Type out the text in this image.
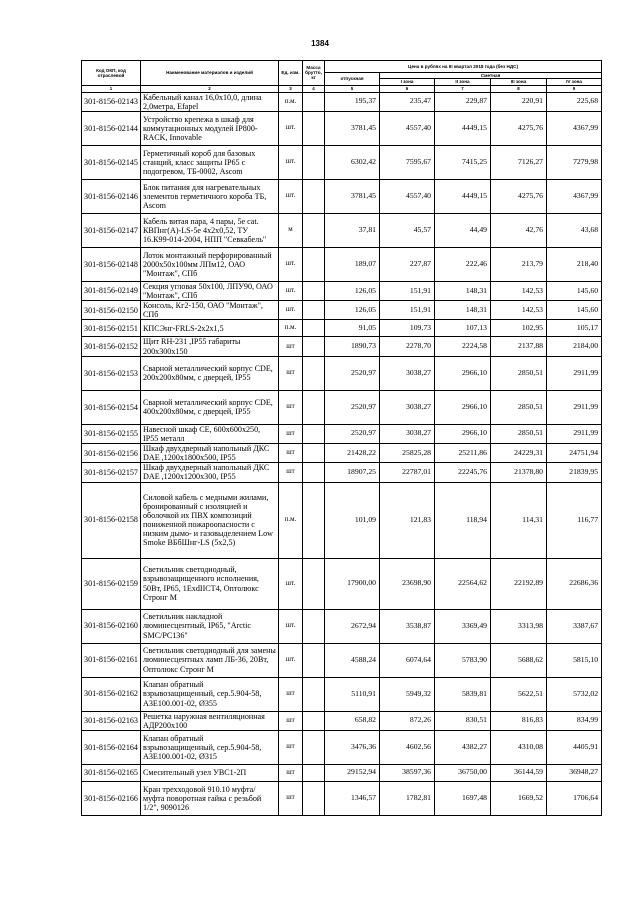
1384
Код ОКП, код отраслевой	Наименование материалов и изделий	Ед. изм.	Масса брутто, кг	Цена в рублях на III квартал 2018 года (без НДС)				
				отпускная	Сметная			
					I зона	II зона	III зона	IV зона
1	2	3	4	5	6	7	8	9
301-8156-02143	Кабельный канал 16,0х10,0, длина 2,0метра, Efapel	п.м.		195,37	235,47	229,87	220,91	225,68
301-8156-02144	Устройство крепежа в шкаф для коммутационных модулей IP800-RACK, Innovable	шт.		3781,45	4557,40	4449,15	4275,76	4367,99
301-8156-02145	Герметичный короб для базовых станций, класс защиты IP65 с подогревом, ТБ-0002, Ascom	шт.		6302,42	7595,67	7415,25	7126,27	7279,98
301-8156-02146	Блок питания для нагревательных элементов герметичного короба ТБ, Ascom	шт.		3781,45	4557,40	4449,15	4275,76	4367,99
301-8156-02147	Кабель витая пара, 4 пары, 5е cat. КВПнг(А)-LS-5е 4х2х0,52, ТУ 16.К99-014-2004, НПП "Севкабель"	м		37,81	45,57	44,49	42,76	43,68
301-8156-02148	Лоток монтажный перфорированный 2000х50х100мм ЛПм12, ОАО "Монтаж", СПб	шт.		189,07	227,87	222,46	213,79	218,40
301-8156-02149	Секция угловая 50х100, ЛПУ90, ОАО "Монтаж", СПб	шт.		126,05	151,91	148,31	142,53	145,60
301-8156-02150	Консоль, Кг2-150, ОАО "Монтаж", СПб	шт.		126,05	151,91	148,31	142,53	145,60
301-8156-02151	КПСЭнг-FRLS-2х2х1,5	п.м.		91,05	109,73	107,13	102,95	105,17
301-8156-02152	Щит RH-231 ,IP55 габариты 200х300х150	шт		1890,73	2278,70	2224,58	2137,88	2184,00
301-8156-02153	Сварной металлический корпус CDE, 200х200х80мм, с дверцей, IP55	шт		2520,97	3038,27	2966,10	2850,51	2911,99
301-8156-02154	Сварной металлический корпус CDE, 400х200х80мм, с дверцей, IP55	шт		2520,97	3038,27	2966,10	2850,51	2911,99
301-8156-02155	Навесной шкаф CE, 600х600х250, IP55 металл	шт		2520,97	3038,27	2966,10	2850,51	2911,99
301-8156-02156	Шкаф двухдверный напольный ДКС DAE ,1200х1800х500, IP55	шт		21428,22	25825,28	25211,86	24229,31	24751,94
301-8156-02157	Шкаф двухдверный напольный ДКС DAE ,1200х1200х300, IP55	шт		18907,25	22787,01	22245,76	21378,80	21839,95
301-8156-02158	Силовой кабель с медными жилами, бронированный с изоляцией и оболочкой их ПВХ композиций пониженной пожароопасности с низким дымо- и газовыделением Low Smoke ВБбШнг-LS (5х2,5)	п.м.		101,09	121,83	118,94	114,31	116,77
301-8156-02159	Светильник светодиодный, взрывозащищенного исполнения, 50Вт, IP65, 1ExdIICT4, Оптолюкс Стронг М	шт.		17900,00	23698,90	22564,62	22192,89	22686,36
301-8156-02160	Светильник накладной люминесцентный, IP65, "Arctic SMC/PC136"	шт.		2672,94	3538,87	3369,49	3313,98	3387,67
301-8156-02161	Светильник светодиодный для замены люминесцентных ламп ЛБ-36, 20Вт, Оптолюкс Стронг М	шт.		4588,24	6074,64	5783,90	5688,62	5815,10
301-8156-02162	Клапан обратный взрывозащищенный, сер.5.904-58, А3Е100.001-02, Ø355	шт		5110,91	5949,32	5839,81	5622,51	5732,02
301-8156-02163	Решетка наружная вентиляционная АДР200х100	шт		658,82	872,26	830,51	816,83	834,99
301-8156-02164	Клапан обратный взрывозащищенный, сер.5.904-58, А3Е100.001-02, Ø315	шт		3476,36	4602,56	4382,27	4310,08	4405,91
301-8156-02165	Смесительный узел УВС1-2П	шт		29152,94	38597,36	36750,00	36144,59	36948,27
301-8156-02166	Кран трехходовой 910.10 муфта/муфта поворотная гайка с резьбой 1/2", 9090126	шт		1346,57	1782,81	1697,48	1669,52	1706,64
